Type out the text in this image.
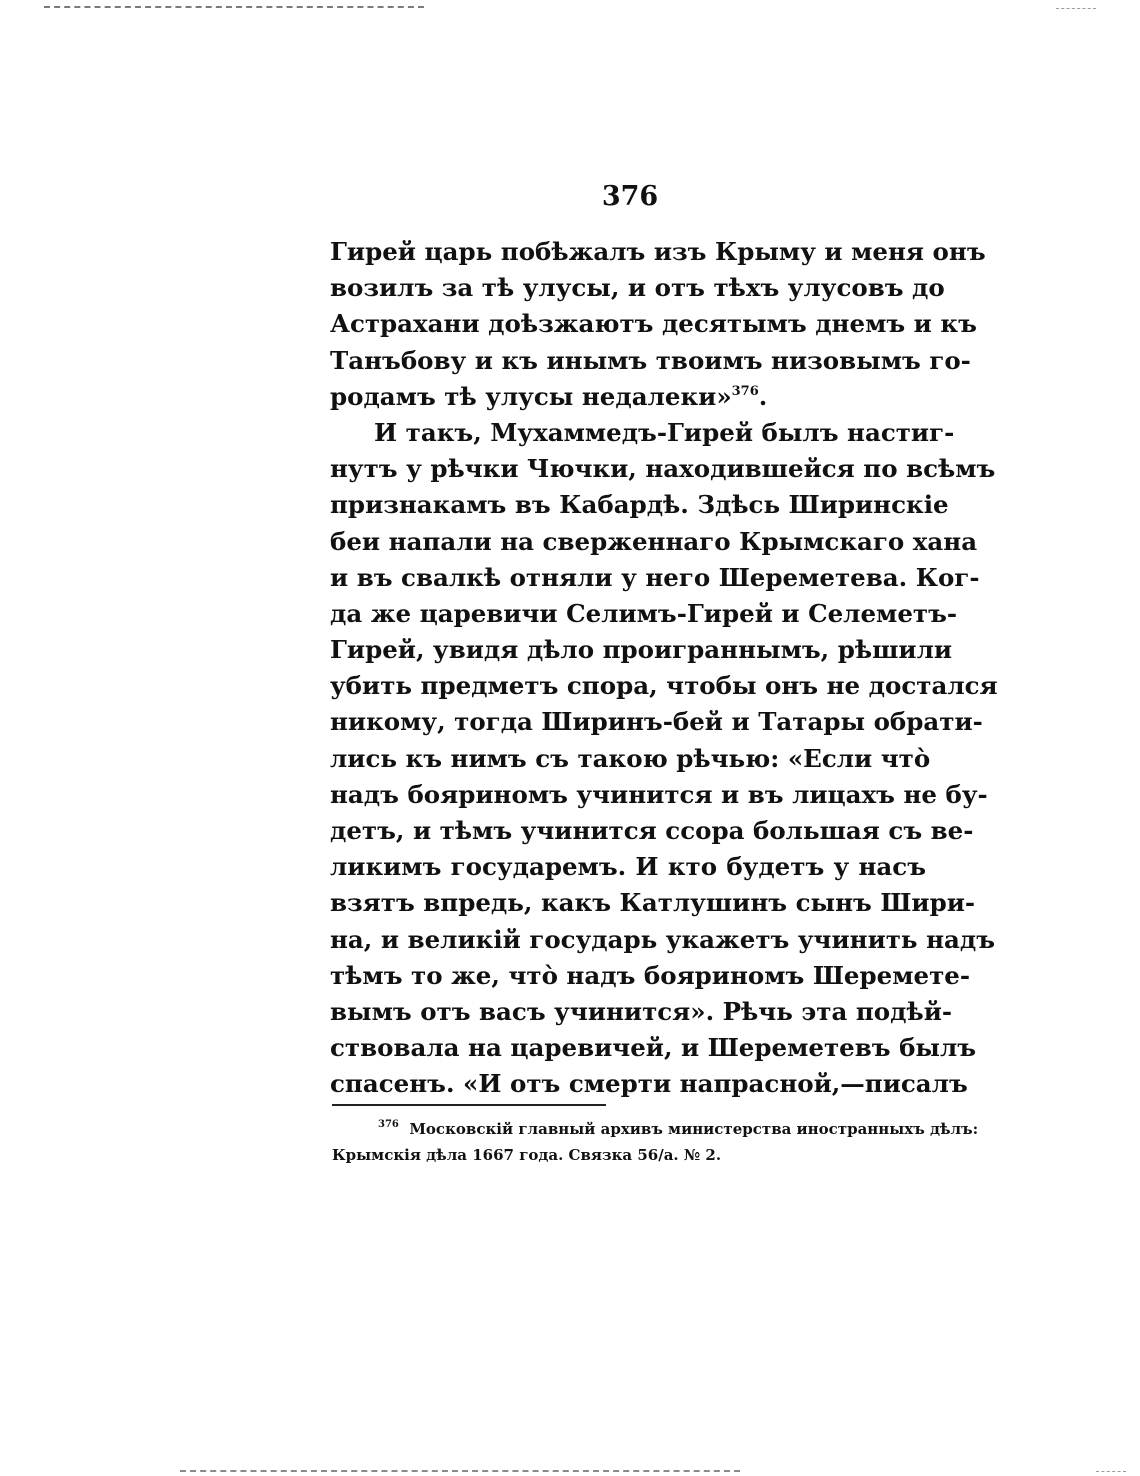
376

Гирей царь побѣжалъ изъ Крыму и меня онъ
возилъ за тѣ улусы, и отъ тѣхъ улусовъ до
Астрахани доѣзжаютъ десятымъ днемъ и къ
Танъбову и къ инымъ твоимъ низовымъ го-
родамъ тѣ улусы недалеки»$^{376}$.

И такъ, Мухаммедъ-Гирей былъ настиг-
нутъ у рѣчки Чючки, находившейся по всѣмъ
признакамъ въ Кабардѣ. Здѣсь Ширинскіе
беи напали на сверженнаго Крымскаго хана
и въ свалкѣ отняли у него Шереметева. Ког-
да же царевичи Селимъ-Гирей и Селеметъ-
Гирей, увидя дѣло проиграннымъ, рѣшили
убить предметъ спора, чтобы онъ не достался
никому, тогда Ширинъ-бей и Татары обрати-
лись къ нимъ съ такою рѣчью: «Если что̀
надъ бояриномъ учинится и въ лицахъ не бу-
детъ, и тѣмъ учинится ссора большая съ ве-
ликимъ государемъ. И кто будетъ у насъ
взятъ впредь, какъ Катлушинъ сынъ Шири-
на, и великій государь укажетъ учинить надъ
тѣмъ то же, что̀ надъ бояриномъ Шереметe-
вымъ отъ васъ учинится». Рѣчь эта подѣй-
ствовала на царевичей, и Шереметевъ былъ
спасенъ. «И отъ смерти напрасной,—писалъ

$^{376}$ Московскій главный архивъ министерства иностранныхъ дѣлъ:
Крымскія дѣла 1667 года. Связка 56/а. № 2.
